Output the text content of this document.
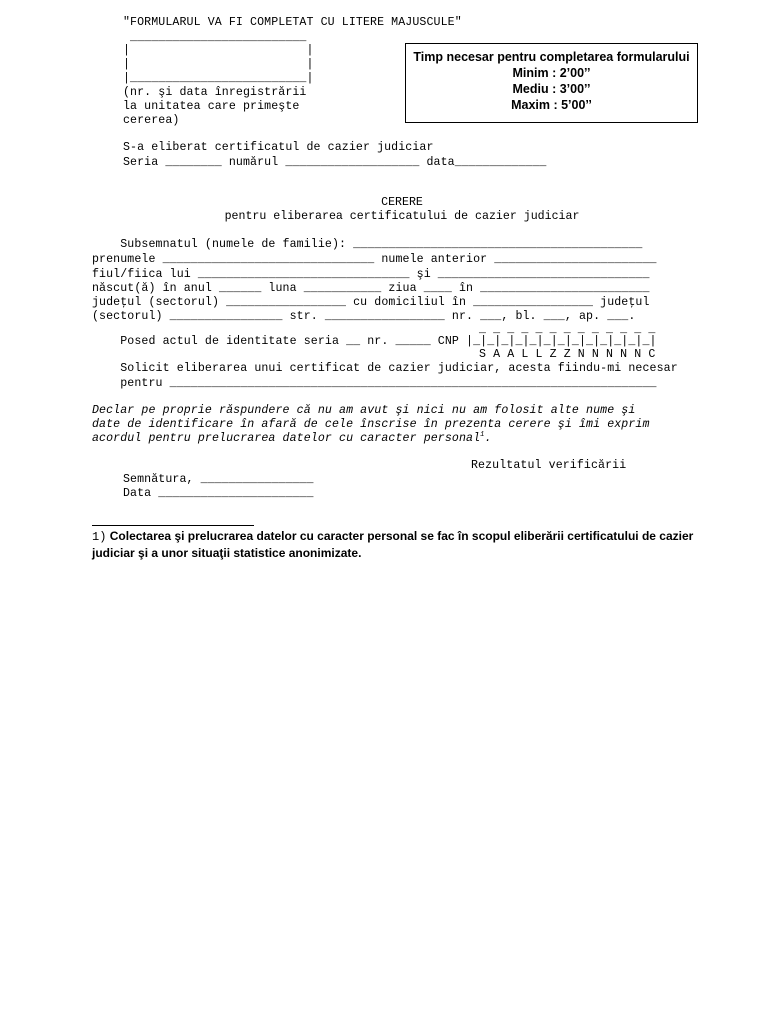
"FORMULARUL VA FI COMPLETAT CU LITERE MAJUSCULE"
_________________________
|                         |
|                         |
|_________________________|
(nr. şi data înregistrării
la unitatea care primeşte
cererea)
Timp necesar pentru completarea formularului
Minim : 2’00’’
Mediu : 3’00’’
Maxim : 5’00’’
S-a eliberat certificatul de cazier judiciar
Seria ________ numărul ___________________ data_____________
CERERE
pentru eliberarea certificatului de cazier judiciar
Subsemnatul (numele de familie): _________________________________________
prenumele ______________________________ numele anterior _______________________
fiul/fiica lui ______________________________ şi ______________________________
născut(ă) în anul ______ luna ___________ ziua ____ în ________________________
judeţul (sectorul) _________________ cu domiciliul în _________________ judeţul
(sectorul) ________________ str. _________________ nr. ___, bl. ___, ap. ___.
_ _ _ _ _ _ _ _ _ _ _ _ _
Posed actul de identitate seria __ nr. _____ CNP |_|_|_|_|_|_|_|_|_|_|_|_|_|
S A A L L Z Z N N N N N C
Solicit eliberarea unui certificat de cazier judiciar, acesta fiindu-mi necesar
pentru _____________________________________________________________________
Declar pe proprie răspundere că nu am avut şi nici nu am folosit alte nume şi
date de identificare în afară de cele înscrise în prezenta cerere şi îmi exprim
acordul pentru prelucrarea datelor cu caracter personal$^1$.
Rezultatul verificării
Semnătura, ________________
Data ______________________
1) Colectarea şi prelucrarea datelor cu caracter personal se fac în scopul eliberării certificatului de cazier judiciar şi a unor situaţii statistice anonimizate.
